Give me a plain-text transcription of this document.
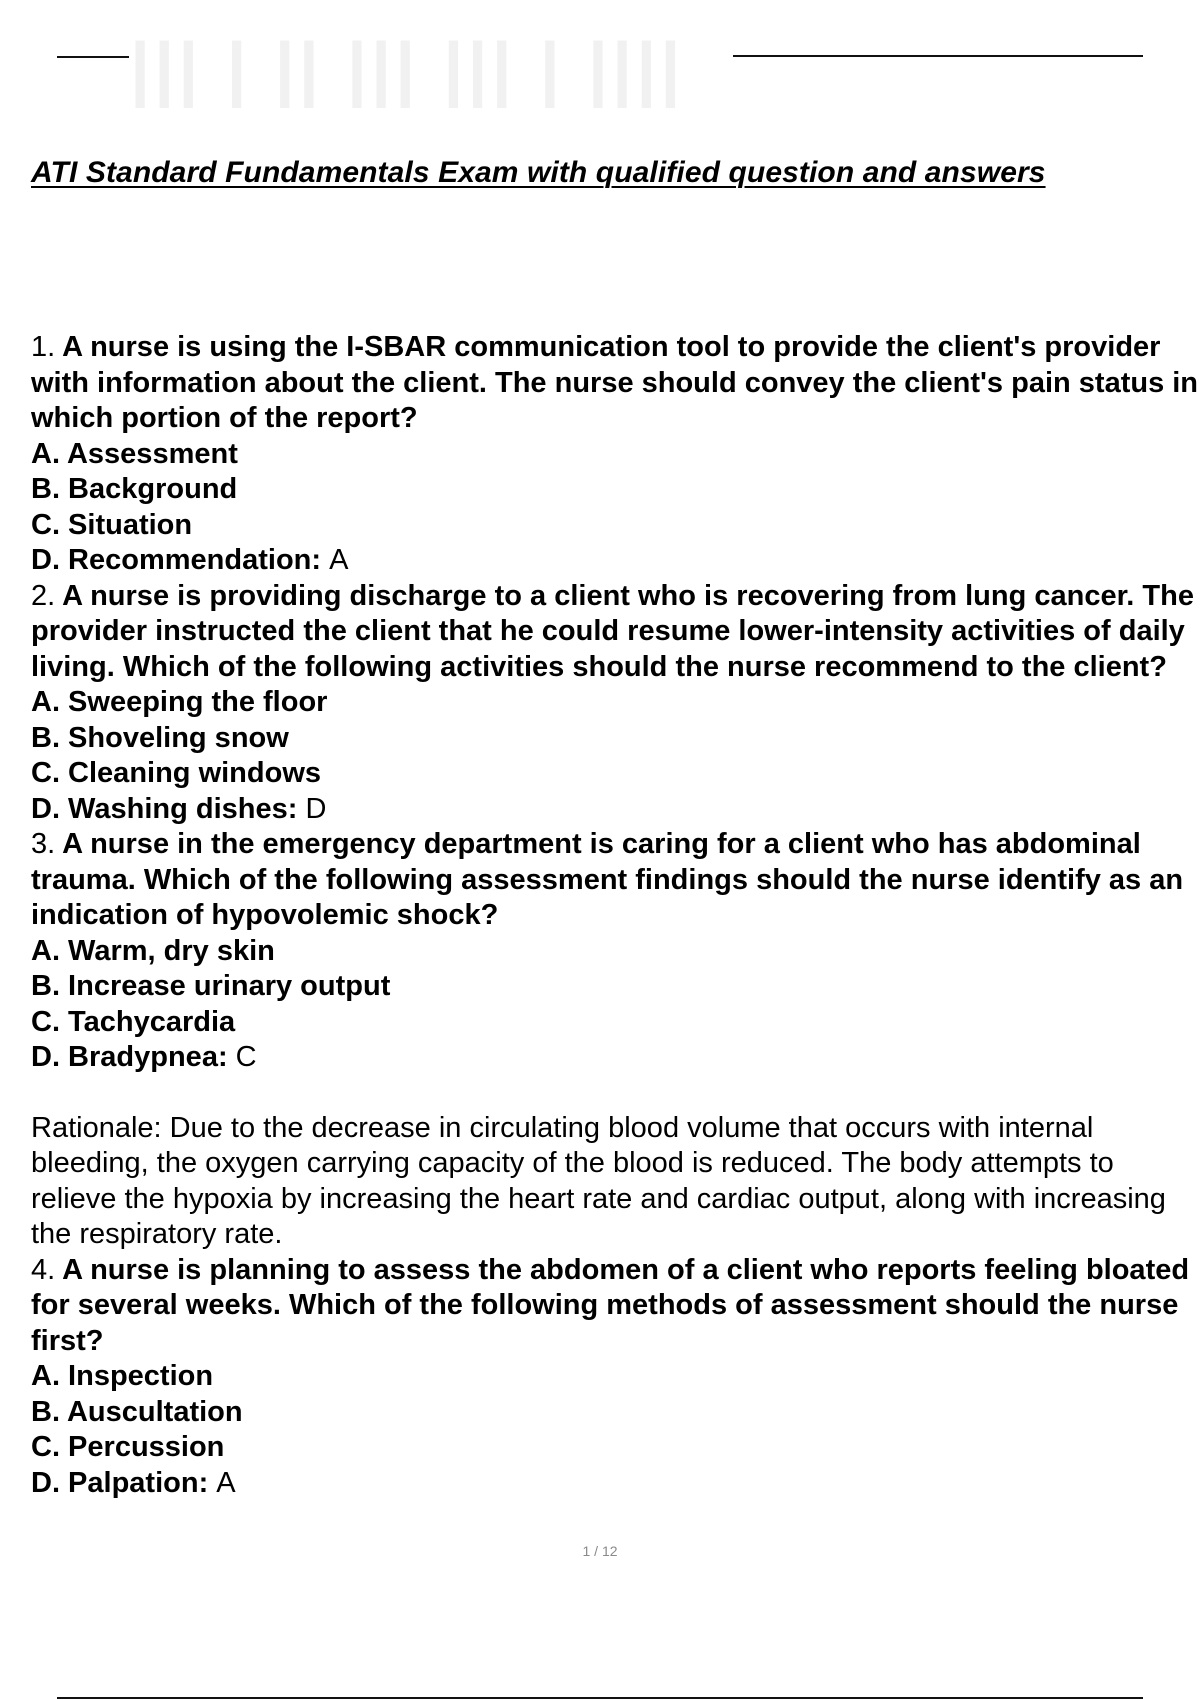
||| | || ||| ||| | ||||
ATI Standard Fundamentals Exam with qualified question and answers

1. A nurse is using the I-SBAR communication tool to provide the client's provider with information about the client. The nurse should convey the client's pain status in which portion of the report?

A. Assessment

B. Background

C. Situation

D. Recommendation: A

2. A nurse is providing discharge to a client who is recovering from lung cancer. The provider instructed the client that he could resume lower-intensity activities of daily living. Which of the following activities should the nurse recommend to the client?

A. Sweeping the floor

B. Shoveling snow

C. Cleaning windows

D. Washing dishes: D

3. A nurse in the emergency department is caring for a client who has abdominal trauma. Which of the following assessment findings should the nurse identify as an indication of hypovolemic shock?

A. Warm, dry skin

B. Increase urinary output

C. Tachycardia

D. Bradypnea: C

Rationale: Due to the decrease in circulating blood volume that occurs with internal bleeding, the oxygen carrying capacity of the blood is reduced. The body attempts to relieve the hypoxia by increasing the heart rate and cardiac output, along with increasing the respiratory rate.

4. A nurse is planning to assess the abdomen of a client who reports feeling bloated for several weeks. Which of the following methods of assessment should the nurse first?

A. Inspection

B. Auscultation

C. Percussion

D. Palpation: A

1 / 12
